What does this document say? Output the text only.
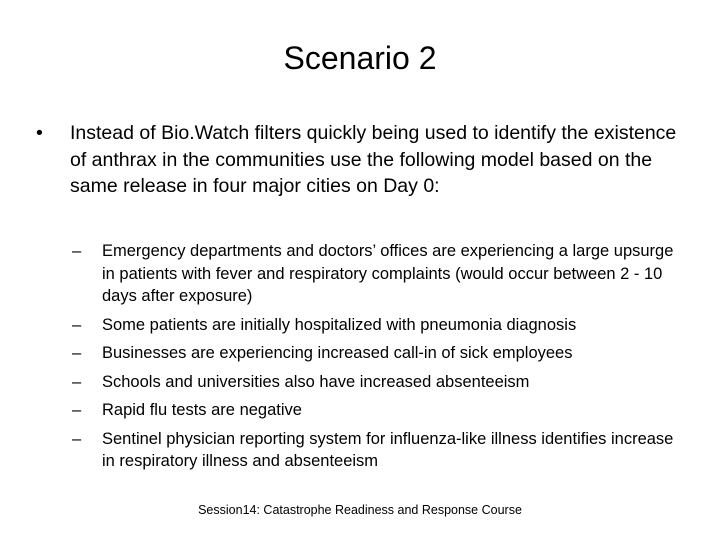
Scenario 2
•	Instead of Bio.Watch filters quickly being used to identify the existence of anthrax in the communities use the following model based on the same release in four major cities on Day 0:
– Emergency departments and doctors’ offices are experiencing a large upsurge in patients with fever and respiratory complaints (would occur between 2 - 10 days after exposure)
– Some patients are initially hospitalized with pneumonia diagnosis
– Businesses are experiencing increased call-in of sick employees
– Schools and universities also have increased absenteeism
– Rapid flu tests are negative
– Sentinel physician reporting system for influenza-like illness identifies increase in respiratory illness and absenteeism
Session14: Catastrophe Readiness and Response Course
